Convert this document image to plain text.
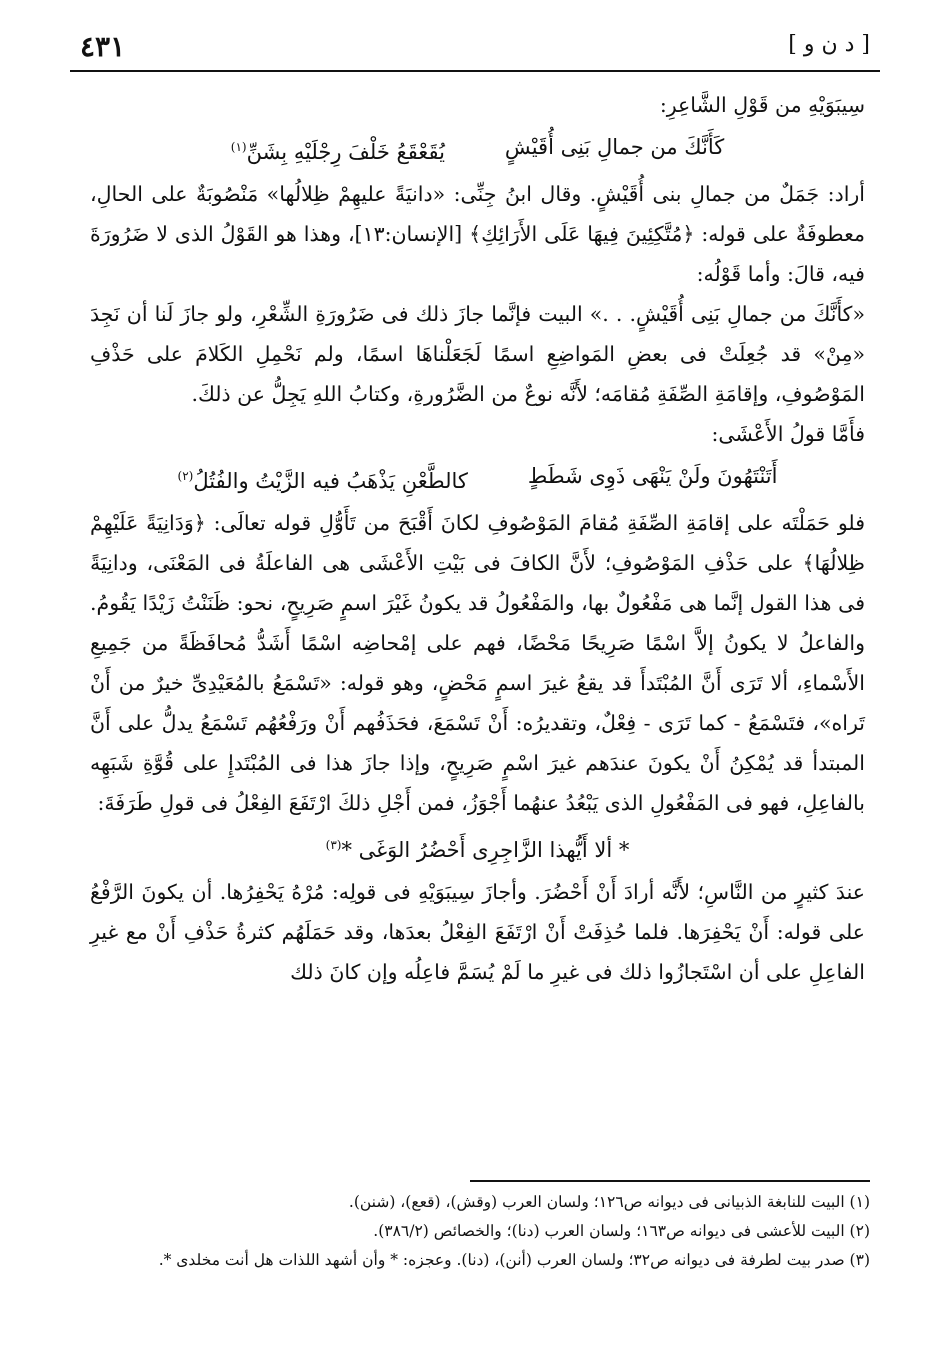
٤٣١	[ د ن و ]

سِيبَوَيْهِ من قَوْلِ الشَّاعِرِ:

كَأَنَّكَ من جمالِ بَنِى أُقَيْشٍ
يُقَعْقَعُ خَلْفَ رِجْلَيْهِ بِشَنِّ$^{(١)}$

أراد: جَمَلٌ من جمالِ بنى أُقَيْشٍ. وقال ابنُ جِنِّى: «دانيَةً عليهِمْ ظِلالُها» مَنْصُوبَةٌ على الحالِ، معطوفَةٌ على قوله: ﴿مُتَّكِئِينَ فِيهَا عَلَى الأَرَائِكِ﴾ [الإنسان:١٣]، وهذا هو القَوْلُ الذى لا ضَرُورَةَ فيه، قالَ: وأما قَوْلُه:

«كأَنَّكَ من جمالِ بَنِى أُقَيْشٍ. . .» البيت فإنَّما جازَ ذلك فى ضَرُورَةِ الشِّعْرِ، ولو جازَ لَنا أن نَجِدَ «مِنْ» قد جُعِلَتْ فى بعضِ المَواضِعِ اسمًا لَجَعَلْناهَا اسمًا، ولم نَحْمِلِ الكَلامَ على حَذْفِ المَوْصُوفِ، وإقامَةِ الصِّفَةِ مُقامَه؛ لأَنَّه نوعٌ من الضَّرُورةِ، وكتابُ اللهِ يَجِلُّ عن ذلكَ.

فأَمَّا قولُ الأَعْشَى:

أَتَنْتَهُونَ ولَنْ يَنْهَى ذَوِى شَطَطٍ
كالطَّعْنِ يَذْهَبُ فيه الزَّيْتُ والفُتُلُ$^{(٢)}$

فلو حَمَلْتَه على إقامَةِ الصِّفَةِ مُقامَ المَوْصُوفِ لكانَ أَقْبَحَ من تَأَوُّلِ قوله تعالَى: ﴿وَدَانِيَةً عَلَيْهِمْ ظِلالُهَا﴾ على حَذْفِ المَوْصُوفِ؛ لأَنَّ الكافَ فى بَيْتِ الأَعْشَى هى الفاعلَةُ فى المَعْنَى، ودانِيَةً فى هذا القول إنَّما هى مَفْعُولٌ بها، والمَفْعُولُ قد يكونُ غَيْرَ اسمٍ صَرِيحٍ، نحو: ظَنَنْتُ زَيْدًا يَقُومُ. والفاعلُ لا يكونُ إلاَّ اسْمًا صَرِيحًا مَحْضًا، فهم على إمْحاضِه اسْمًا أَشَدُّ مُحافَظَةً من جَمِيعِ الأَسْماءِ، ألا تَرَى أَنَّ المُبْتَدأَ قد يقعُ غيرَ اسمٍ مَحْضٍ، وهو قوله: «تَسْمَعُ بالمُعَيْدِىِّ خيرٌ من أَنْ تَراه»، فتَسْمَعُ - كما تَرَى - فِعْلٌ، وتقديرُه: أَنْ تَسْمَعَ، فحَذَفُهم أَنْ ورَفْعُهُم تَسْمَعُ يدلُّ على أَنَّ المبتدأ قد يُمْكِنُ أَنْ يكونَ عندَهم غيرَ اسْمٍ صَرِيحٍ، وإذا جازَ هذا فى المُبْتَدإِ على قُوَّةِ شَبَهِه بالفاعِلِ، فهو فى المَفْعُولِ الذى يَبْعُدُ عنهُما أَجْوَزُ، فمن أَجْلِ ذلكَ ارْتَفَعَ الفِعْلُ فى قولِ طَرَفَةَ:

* ألا أَيُّهذا الزَّاجِرِى أَحْضُرُ الوَغَى *$^{(٣)}$

عندَ كثيرٍ من النَّاسِ؛ لأَنَّه أرادَ أَنْ أَحْضُرَ. وأجازَ سِيبَوَيْهِ فى قولِه: مُرْهُ يَحْفِرُها. أن يكونَ الرَّفْعُ على قوله: أَنْ يَحْفِرَها. فلما حُذِفَتْ أَنْ ارْتَفَعَ الفِعْلُ بعدَها، وقد حَمَلَهُم كثرةُ حَذْفِ أَنْ مع غيرِ الفاعِلِ على أن اسْتَجازُوا ذلك فى غيرِ ما لَمْ يُسَمَّ فاعِلُه وإن كانَ ذلك

(١) البيت للنابغة الذبيانى فى ديوانه ص١٢٦؛ ولسان العرب (وقش)، (قعع)، (شنن).

(٢) البيت للأعشى فى ديوانه ص١٦٣؛ ولسان العرب (دنا)؛ والخصائص (٣٨٦/٢).

(٣) صدر بيت لطرفة فى ديوانه ص٣٢؛ ولسان العرب (أنن)، (دنا). وعجزه: * وأن أشهد اللذات هل أنت مخلدى *.
